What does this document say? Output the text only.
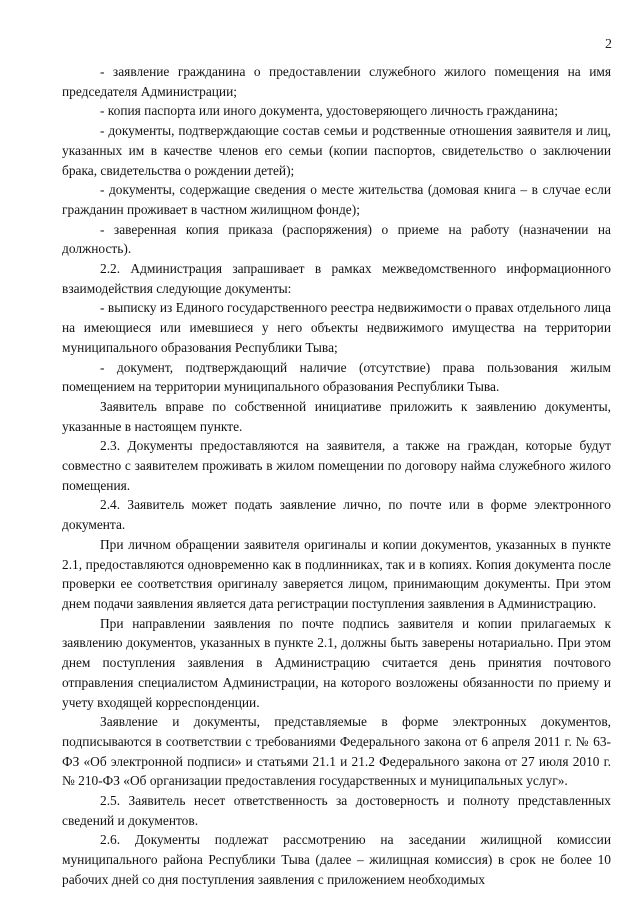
2

- заявление гражданина о предоставлении служебного жилого помещения на имя председателя Администрации;

- копия паспорта или иного документа, удостоверяющего личность гражданина;

- документы, подтверждающие состав семьи и родственные отношения заявителя и лиц, указанных им в качестве членов его семьи (копии паспортов, свидетельство о заключении брака, свидетельства о рождении детей);

- документы, содержащие сведения о месте жительства (домовая книга – в случае если гражданин проживает в частном жилищном фонде);

- заверенная копия приказа (распоряжения) о приеме на работу (назначении на должность).

2.2. Администрация запрашивает в рамках межведомственного информационного взаимодействия следующие документы:

- выписку из Единого государственного реестра недвижимости о правах отдельного лица на имеющиеся или имевшиеся у него объекты недвижимого имущества на территории муниципального образования Республики Тыва;

- документ, подтверждающий наличие (отсутствие) права пользования жилым помещением на территории муниципального образования Республики Тыва.

Заявитель вправе по собственной инициативе приложить к заявлению документы, указанные в настоящем пункте.

2.3. Документы предоставляются на заявителя, а также на граждан, которые будут совместно с заявителем проживать в жилом помещении по договору найма служебного жилого помещения.

2.4. Заявитель может подать заявление лично, по почте или в форме электронного документа.

При личном обращении заявителя оригиналы и копии документов, указанных в пункте 2.1, предоставляются одновременно как в подлинниках, так и в копиях. Копия документа после проверки ее соответствия оригиналу заверяется лицом, принимающим документы. При этом днем подачи заявления является дата регистрации поступления заявления в Администрацию.

При направлении заявления по почте подпись заявителя и копии прилагаемых к заявлению документов, указанных в пункте 2.1, должны быть заверены нотариально. При этом днем поступления заявления в Администрацию считается день принятия почтового отправления специалистом Администрации, на которого возложены обязанности по приему и учету входящей корреспонденции.

Заявление и документы, представляемые в форме электронных документов, подписываются в соответствии с требованиями Федерального закона от 6 апреля 2011 г. № 63-ФЗ «Об электронной подписи» и статьями 21.1 и 21.2 Федерального закона от 27 июля 2010 г. № 210-ФЗ «Об организации предоставления государственных и муниципальных услуг».

2.5. Заявитель несет ответственность за достоверность и полноту представленных сведений и документов.

2.6. Документы подлежат рассмотрению на заседании жилищной комиссии муниципального района Республики Тыва (далее – жилищная комиссия) в срок не более 10 рабочих дней со дня поступления заявления с приложением необходимых
